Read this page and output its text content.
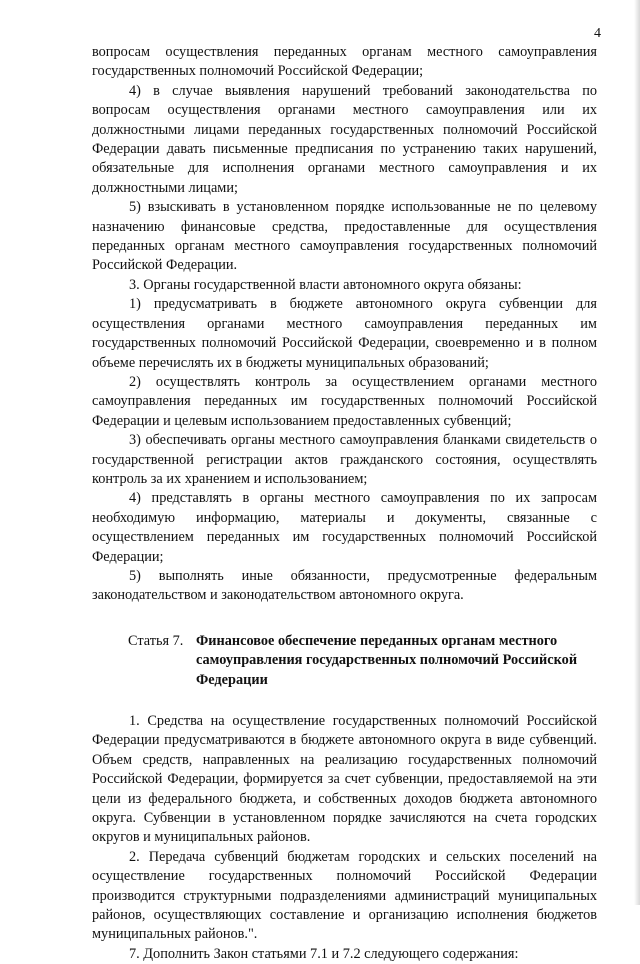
4

вопросам осуществления переданных органам местного самоуправления государственных полномочий Российской Федерации;

4) в случае выявления нарушений требований законодательства по вопросам осуществления органами местного самоуправления или их должностными лицами переданных государственных полномочий Российской Федерации давать письменные предписания по устранению таких нарушений, обязательные для исполнения органами местного самоуправления и их должностными лицами;

5) взыскивать в установленном порядке использованные не по целевому назначению финансовые средства, предоставленные для осуществления переданных органам местного самоуправления государственных полномочий Российской Федерации.

3. Органы государственной власти автономного округа обязаны:

1) предусматривать в бюджете автономного округа субвенции для осуществления органами местного самоуправления переданных им государственных полномочий Российской Федерации, своевременно и в полном объеме перечислять их в бюджеты муниципальных образований;

2) осуществлять контроль за осуществлением органами местного самоуправления переданных им государственных полномочий Российской Федерации и целевым использованием предоставленных субвенций;

3) обеспечивать органы местного самоуправления бланками свидетельств о государственной регистрации актов гражданского состояния, осуществлять контроль за их хранением и использованием;

4) представлять в органы местного самоуправления по их запросам необходимую информацию, материалы и документы, связанные с осуществлением переданных им государственных полномочий Российской Федерации;

5) выполнять иные обязанности, предусмотренные федеральным законодательством и законодательством автономного округа.

Статья 7. Финансовое обеспечение переданных органам местного самоуправления государственных полномочий Российской Федерации

1. Средства на осуществление государственных полномочий Российской Федерации предусматриваются в бюджете автономного округа в виде субвенций. Объем средств, направленных на реализацию государственных полномочий Российской Федерации, формируется за счет субвенции, предоставляемой на эти цели из федерального бюджета, и собственных доходов бюджета автономного округа. Субвенции в установленном порядке зачисляются на счета городских округов и муниципальных районов.

2. Передача субвенций бюджетам городских и сельских поселений на осуществление государственных полномочий Российской Федерации производится структурными подразделениями администраций муниципальных районов, осуществляющих составление и организацию исполнения бюджетов муниципальных районов.".

7. Дополнить Закон статьями 7.1 и 7.2 следующего содержания:
